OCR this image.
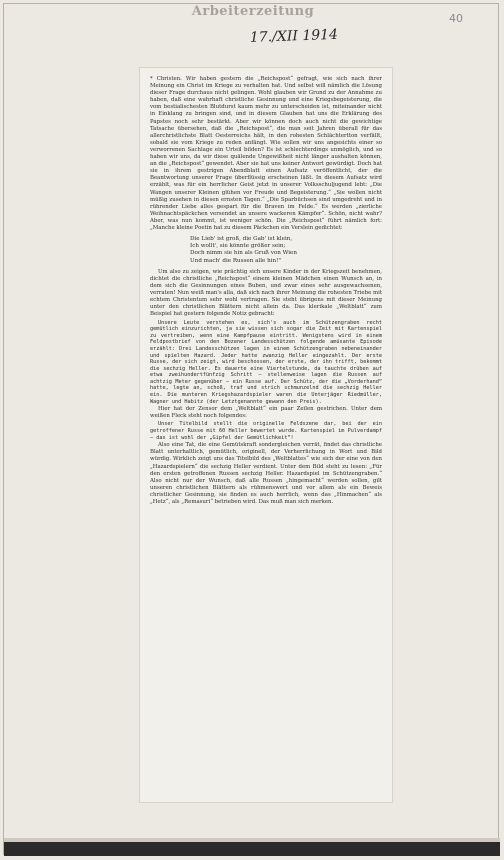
Arbeiterzeitung	40
17./XII 1914

* Christen. Wir haben gestern die „Reichspost“ gefragt, wie sich nach ihrer Meinung ein Christ im Kriege zu verhalten hat. Und selbst will nämlich die Lösung dieser Frage durchaus nicht gelingen. Wohl glauben wir Grund zu der Annahme zu haben, daß eine wahrhaft christliche Gesinnung und eine Kriegsbegeisterung, die vom bestialischesten Blutdurst kaum mehr zu unterscheiden ist, miteinander nicht in Einklang zu bringen sind, und in diesem Glauben hat uns die Erklärung des Papstes noch sehr bestärkt. Aber wir können doch auch nicht die gewichtige Tatsache übersehen, daß die „Reichspost“, die man seit Jahren überall für das allerchristlichste Blatt Oesterreichs hält, in den rohesten Schlächtertton verfällt, sobald sie vom Kriege zu reden anfängt. Wie sollen wir uns angesichts einer so verworrenen Sachlage ein Urteil bilden? Es ist schlechterdings unmöglich, und so haben wir uns, da wir diese quälende Ungewißheit nicht länger aushalten können, an die „Reichspost“ gewendet. Aber sie hat uns keiner Antwort gewürdigt. Doch hat sie in ihrem gestrigen Abendblatt einen Aufsatz veröffentlicht, der die Beantwortung unserer Frage überflüssig erscheinen läßt. In diesem Aufsatz wird erzählt, was für ein herrlicher Geist jetzt in unserer Volksschuljugend lebt: „Die Wangen unserer Kleinen glühen vor Freude und Begeisterung.“ „Sie wollen nicht müßig zusehen in diesen ernsten Tagen.“ „Die Sparbüchsen sind umgedreht und in rührender Liebe alles gespart für die Braven im Felde.“ Es werden „zierliche Weihnachtspäckchen versendet an unsere wackeren Kämpfer“. Schön, nicht wahr? Aber, was nun kommt, ist weniger schön. Die „Reichspost“ führt nämlich fort: „Manche kleine Poetin hat zu diesem Päckchen ein Verslein gedichtet:

Die Lieb' ist groß, die Gab' ist klein,
Ich wollt', sie könnte größer sein;
Doch nimm sie hin als Gruß von Wien
Und mach' die Russen alle hin!"

Um also zu zeigen, wie prächtig sich unsere Kinder in der Kriegszeit benehmen, dichtet die christliche „Reichspost“ einem kleinen Mädchen einen Wunsch an, in dem sich die Gesinnungen eines Buben, und zwar eines sehr ausgewachsenen, verraten! Nun weiß man's alla, daß sich nach ihrer Meinung die rohesten Triebe mit echtem Christentum sehr wohl vertragen. Sie steht übrigens mit dieser Meinung unter den christlichen Blättern nicht allein da. Das klerikale „Weltblatt“ zum Beispiel hat gestern folgende Notiz gebracht:

Unsere Leute verstehen es, sich's auch im Schützengraben recht gemütlich einzurichten, ja sie wissen sich sogar die Zeit mit Kartenspiel zu vertreiben, wenn eine Kampfpause eintritt. Wenigstens wird in einem Feldpostbrief von den Bozener Landesschützen folgende amüsante Episode erzählt: Drei Landesschützen lagen in einem Schützengraben nebeneinander und spielten Hazard. Jeder hatte zwanzig Heller eingezahlt. Der erste Russe, der sich zeigt, wird beschossen, der erste, der ihn trifft, bekommt die sechzig Heller. Es dauerte eine Viertelstunde, da tauchte drüben auf etwa zweihundertfünfzig Schritt — stellenweise lagen die Russen auf achtzig Meter gegenüber — ein Russe auf. Der Schütz, der die „Vorderhand“ hatte, legte an, schoß, traf und strich schmunzelnd die sechzig Heller ein. Die munteren Kriegshazardspieler waren die Unterjäger Riedmüller, Wagner und Habitz (der Letztgenannte gewann den Preis).

Hier hat der Zensor dem „Weltblatt“ ein paar Zeilen gestrichen. Unter dem weißen Fleck steht noch folgendes:

Unser Titelbild stellt die originelle Feldszene dar, bei der ein getroffener Russe mit 60 Heller bewertet wurde. Kartenspiel im Pulverdampf — das ist wohl der „Gipfel der Gemütlichkeit“!

Also eine Tat, die eine Gemütskraft sondergleichen verrät, findet das christliche Blatt unterhaltlich, gemütlich, originell, der Verherrlichung in Wort und Bild würdig. Wirklich zeigt uns das Titelbild des „Weltblattes“ wie sich der eine von den „Hazardspielern“ die sechzig Heller verdient. Unter dem Bild steht zu lesen: „Für den ersten getroffenen Russen sechzig Heller. Hazardspiel im Schützengraben.“ Also nicht nur der Wunsch, daß alle Russen „hingemacht“ werden sollen, gilt unseren christlichen Blättern als rühmenswert und vor allem als ein Beweis christlicher Gesinnung, sie finden es auch herrlich, wenn das „Hinmachen“ als „Hetz“, als „Remasuri“ betrieben wird. Das muß man sich merken.
